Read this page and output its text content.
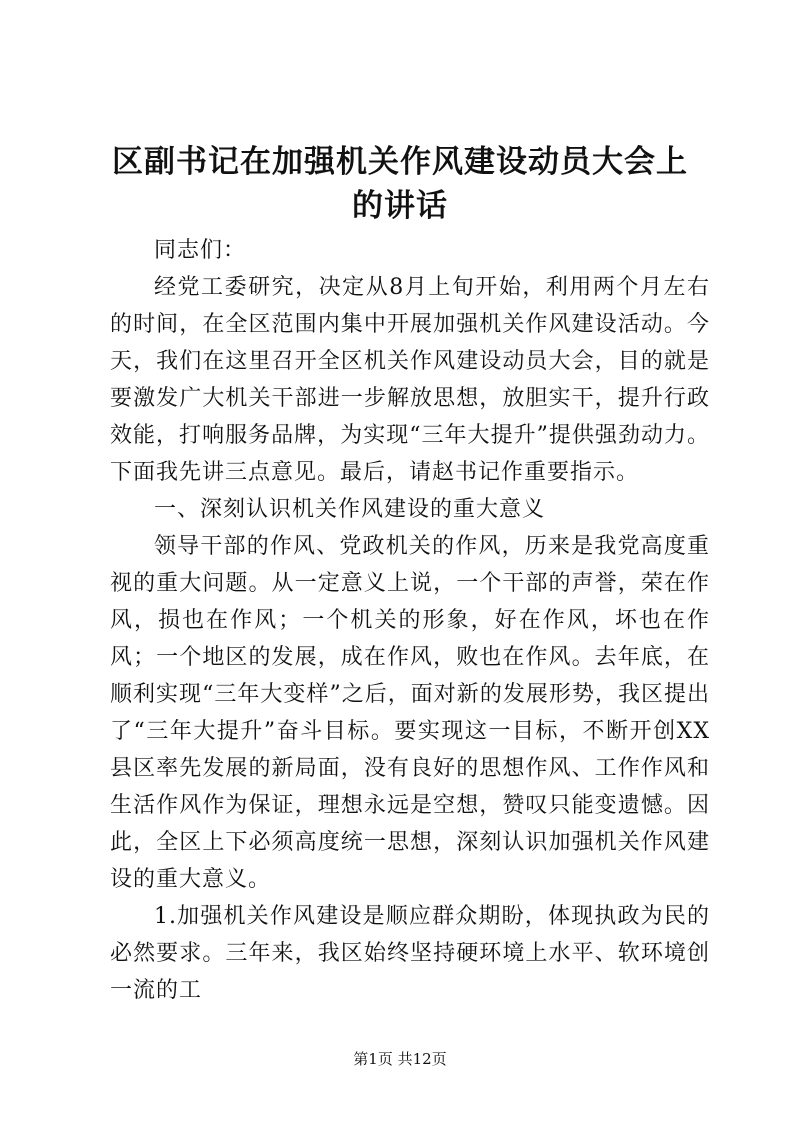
区副书记在加强机关作风建设动员大会上的讲话

同志们：

经党工委研究，决定从8月上旬开始，利用两个月左右的时间，在全区范围内集中开展加强机关作风建设活动。今天，我们在这里召开全区机关作风建设动员大会，目的就是要激发广大机关干部进一步解放思想，放胆实干，提升行政效能，打响服务品牌，为实现“三年大提升”提供强劲动力。下面我先讲三点意见。最后，请赵书记作重要指示。

一、深刻认识机关作风建设的重大意义

领导干部的作风、党政机关的作风，历来是我党高度重视的重大问题。从一定意义上说，一个干部的声誉，荣在作风，损也在作风；一个机关的形象，好在作风，坏也在作风；一个地区的发展，成在作风，败也在作风。去年底，在顺利实现“三年大变样”之后，面对新的发展形势，我区提出了“三年大提升”奋斗目标。要实现这一目标，不断开创XX县区率先发展的新局面，没有良好的思想作风、工作作风和生活作风作为保证，理想永远是空想，赞叹只能变遗憾。因此，全区上下必须高度统一思想，深刻认识加强机关作风建设的重大意义。

1.加强机关作风建设是顺应群众期盼，体现执政为民的必然要求。三年来，我区始终坚持硬环境上水平、软环境创一流的工

第1页 共12页
